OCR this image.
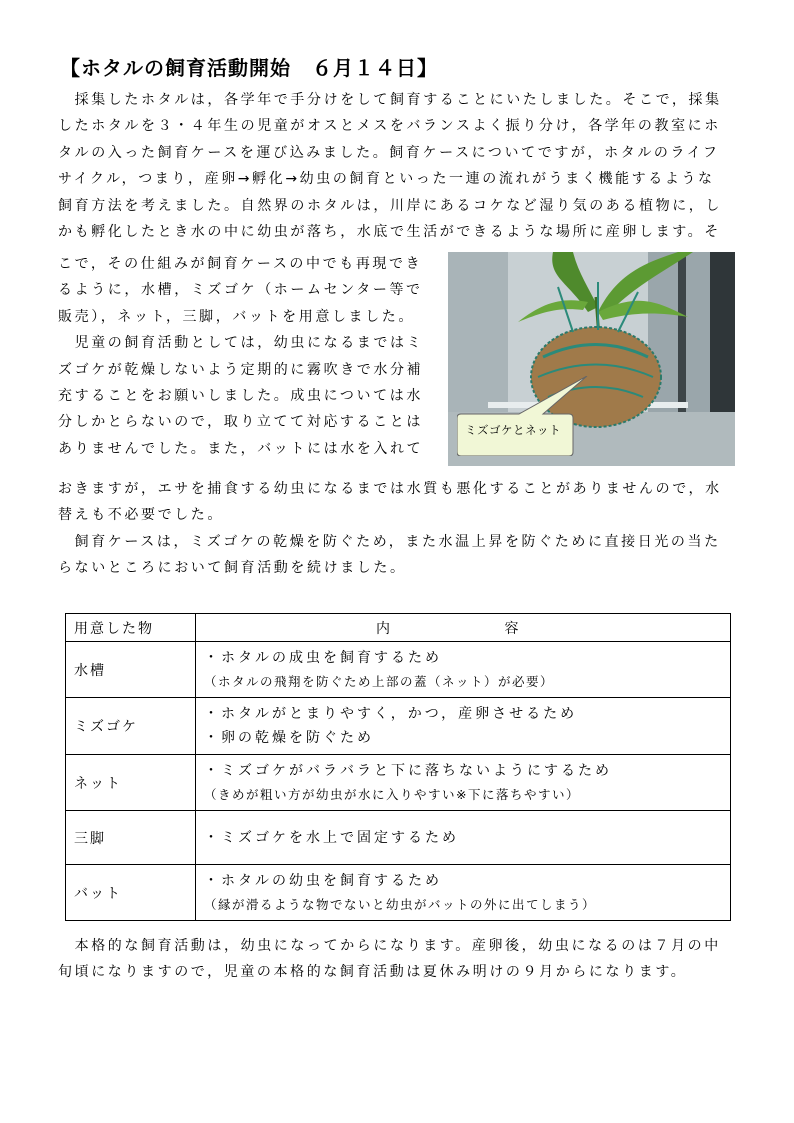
【ホタルの飼育活動開始　６月１４日】
　採集したホタルは，各学年で手分けをして飼育することにいたしました。そこで，採集
したホタルを３・４年生の児童がオスとメスをバランスよく振り分け，各学年の教室にホ
タルの入った飼育ケースを運び込みました。飼育ケースについてですが，ホタルのライフ
サイクル，つまり，産卵→孵化→幼虫の飼育といった一連の流れがうまく機能するような
飼育方法を考えました。自然界のホタルは，川岸にあるコケなど湿り気のある植物に，し
かも孵化したとき水の中に幼虫が落ち，水底で生活ができるような場所に産卵します。そ
こで，その仕組みが飼育ケースの中でも再現でき
るように，水槽，ミズゴケ（ホームセンター等で
販売），ネット，三脚，バットを用意しました。
　児童の飼育活動としては，幼虫になるまではミ
ズゴケが乾燥しないよう定期的に霧吹きで水分補
充することをお願いしました。成虫については水
分しかとらないので，取り立てて対応することは
ありませんでした。また，バットには水を入れて
ミズゴケとネット
おきますが，エサを捕食する幼虫になるまでは水質も悪化することがありませんので，水
替えも不必要でした。
　飼育ケースは，ミズゴケの乾燥を防ぐため，また水温上昇を防ぐために直接日光の当た
らないところにおいて飼育活動を続けました。
用意した物	内 容
水槽	・ホタルの成虫を飼育するため
（ホタルの飛翔を防ぐため上部の蓋（ネット）が必要）

ミズゴケ	・ホタルがとまりやすく，かつ，産卵させるため
・卵の乾燥を防ぐため

ネット	・ミズゴケがバラバラと下に落ちないようにするため
（きめが粗い方が幼虫が水に入りやすい※下に落ちやすい）

三脚	・ミズゴケを水上で固定するため

バット	・ホタルの幼虫を飼育するため
（縁が滑るような物でないと幼虫がバットの外に出てしまう）
　本格的な飼育活動は，幼虫になってからになります。産卵後，幼虫になるのは７月の中
旬頃になりますので，児童の本格的な飼育活動は夏休み明けの９月からになります。
